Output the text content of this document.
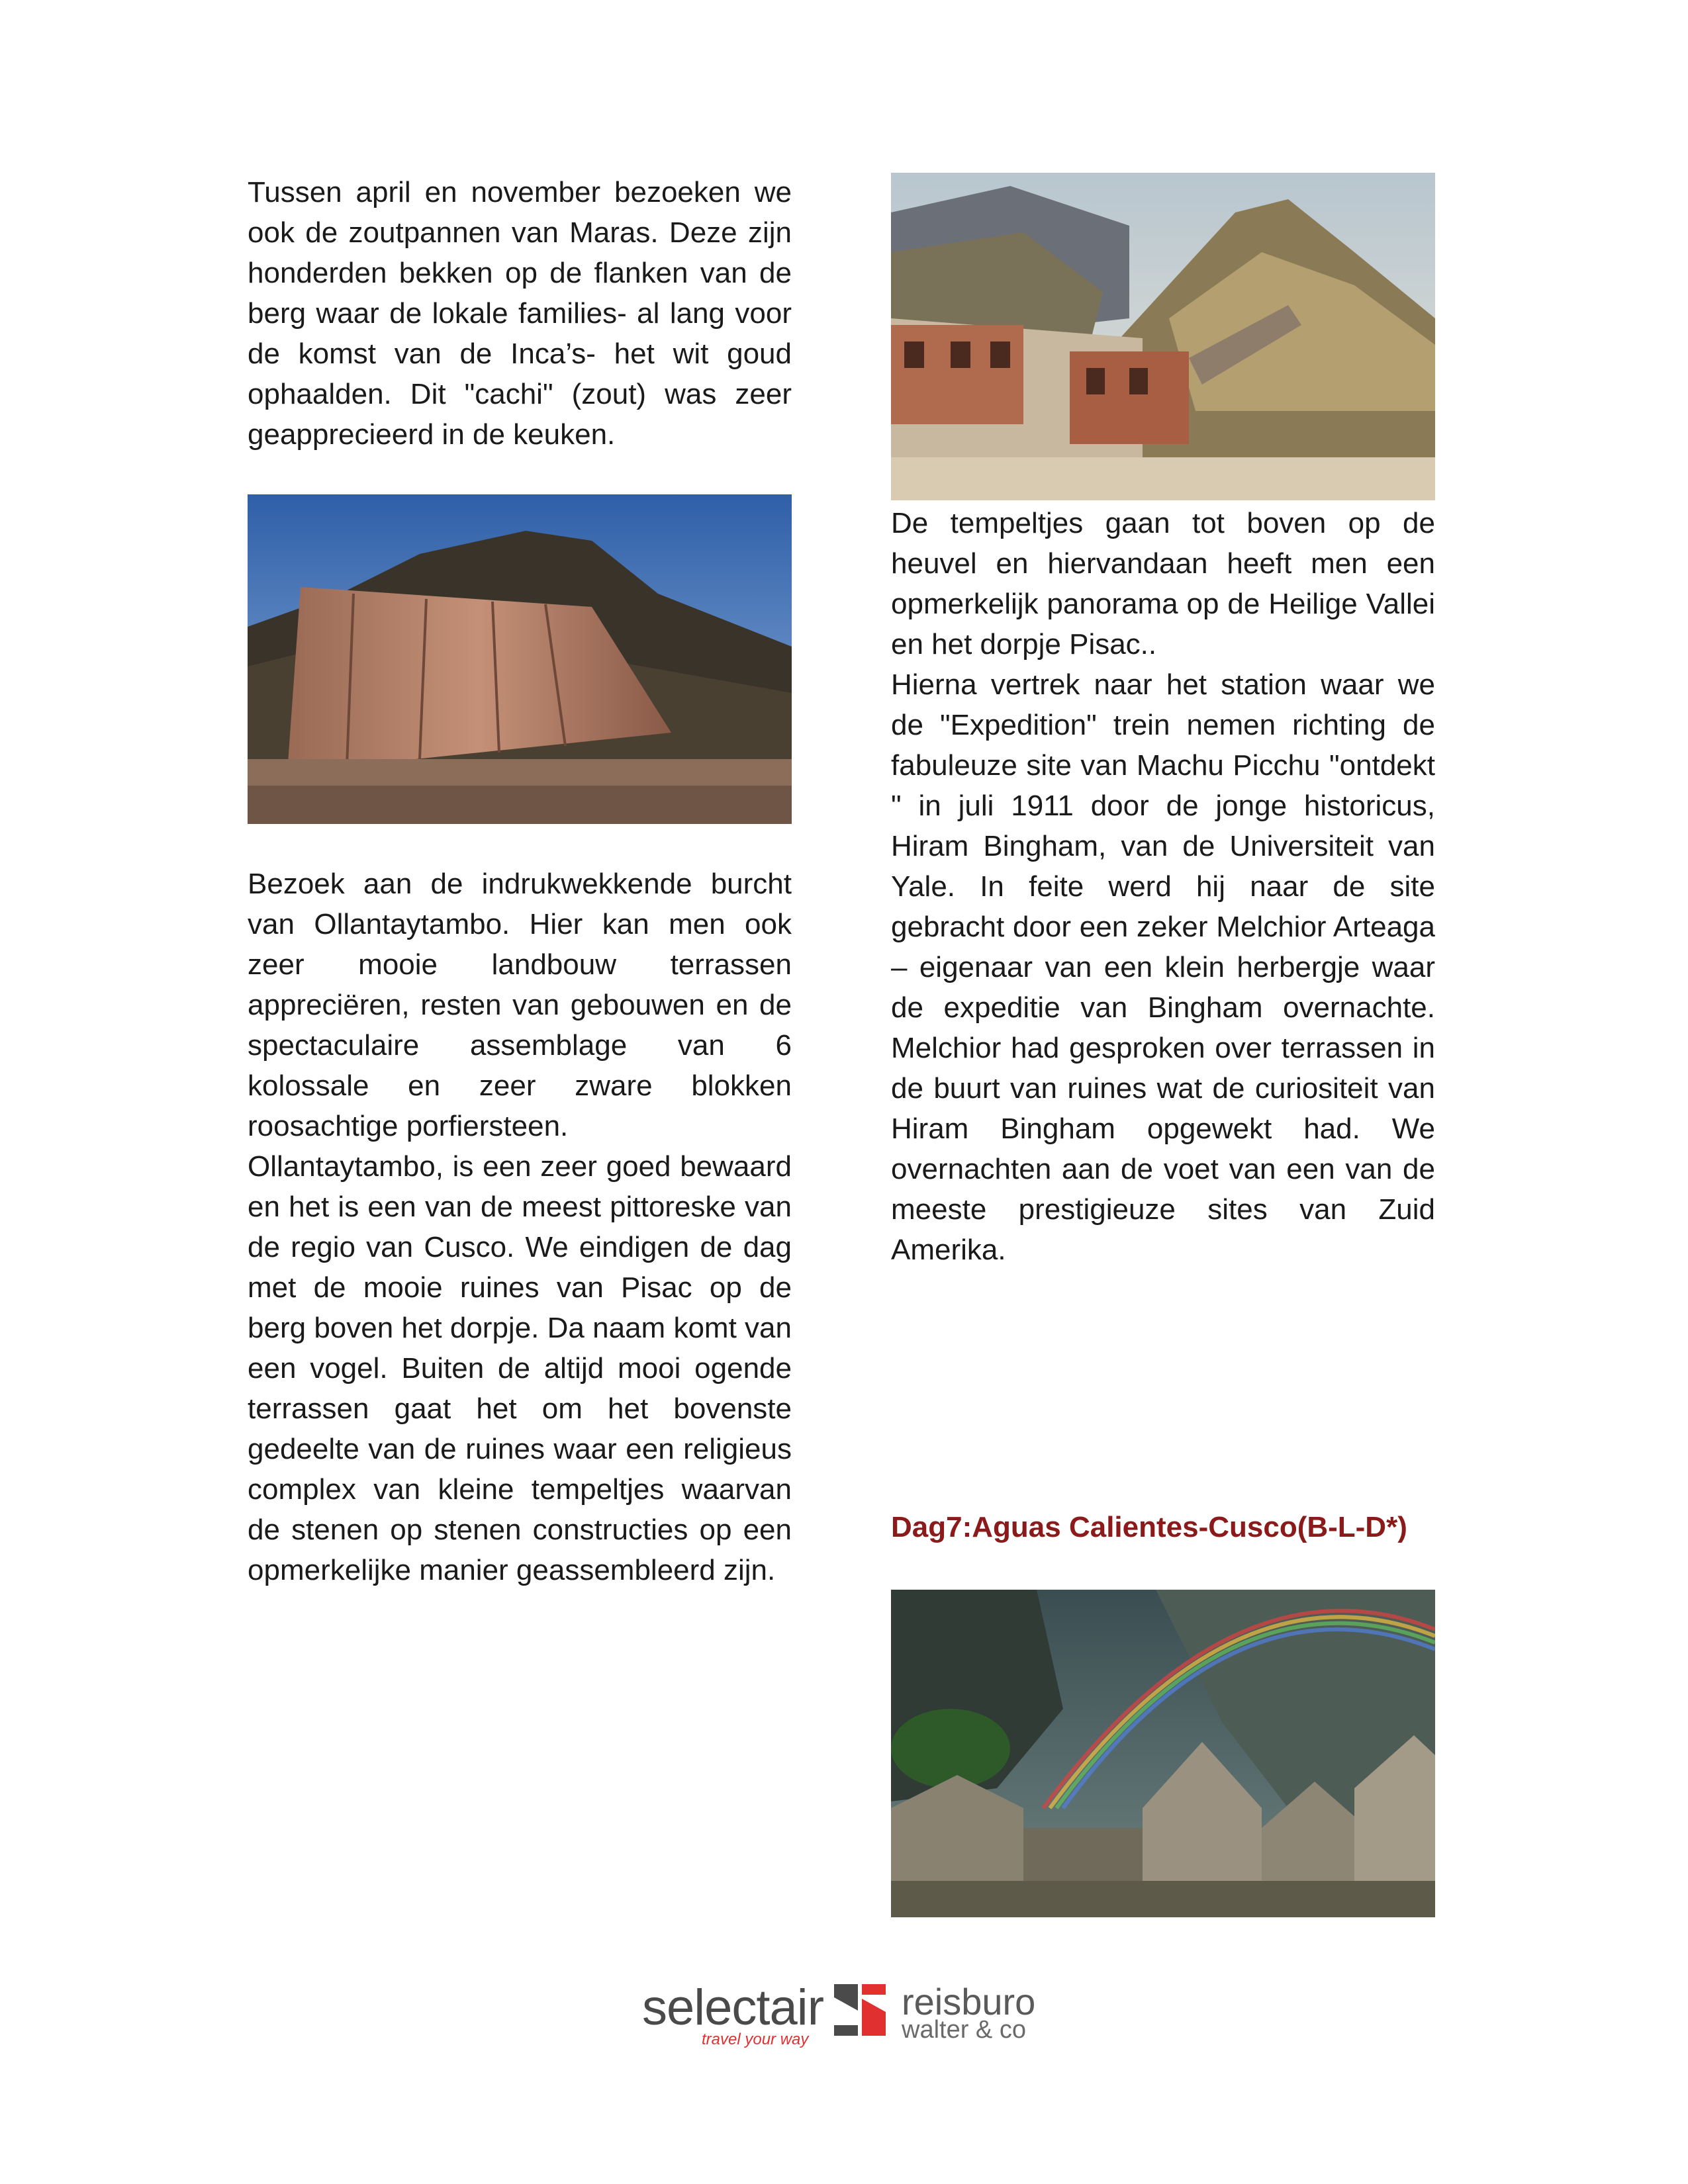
Tussen april en november bezoeken we ook de zoutpannen van Maras. Deze zijn honderden bekken op de flanken van de berg waar de lokale families- al lang voor de komst van de Inca’s- het wit goud ophaalden. Dit "cachi" (zout) was zeer geapprecieerd in de keuken.

Bezoek aan de indrukwekkende burcht van Ollantaytambo. Hier kan men ook zeer mooie landbouw terrassen appreciëren, resten van gebouwen en de spectaculaire assemblage van 6 kolossale en zeer zware blokken roosachtige porfiersteen.

Ollantaytambo, is een zeer goed bewaard en het is een van de meest pittoreske van de regio van Cusco. We eindigen de dag met de mooie ruines van Pisac op de berg boven het dorpje. Da naam komt van een vogel. Buiten de altijd mooi ogende terrassen gaat het om het bovenste gedeelte van de ruines waar een religieus complex van kleine tempeltjes waarvan de stenen op stenen constructies op een opmerkelijke manier geassembleerd zijn.

De tempeltjes gaan tot boven op de heuvel en hiervandaan heeft men een opmerkelijk panorama op de Heilige Vallei en het dorpje Pisac..

Hierna vertrek naar het station waar we de "Expedition" trein nemen richting de fabuleuze site van Machu Picchu "ontdekt " in juli 1911 door de jonge historicus, Hiram Bingham, van de Universiteit van Yale. In feite werd hij naar de site gebracht door een zeker Melchior Arteaga – eigenaar van een klein herbergje waar de expeditie van Bingham overnachte. Melchior had gesproken over terrassen in de buurt van ruines wat de curiositeit van Hiram Bingham opgewekt had. We overnachten aan de voet van een van de meeste prestigieuze sites van Zuid Amerika.

Dag7:Aguas Calientes-Cusco(B-L-D*)
selectair
travel your way
reisburo
walter & co
